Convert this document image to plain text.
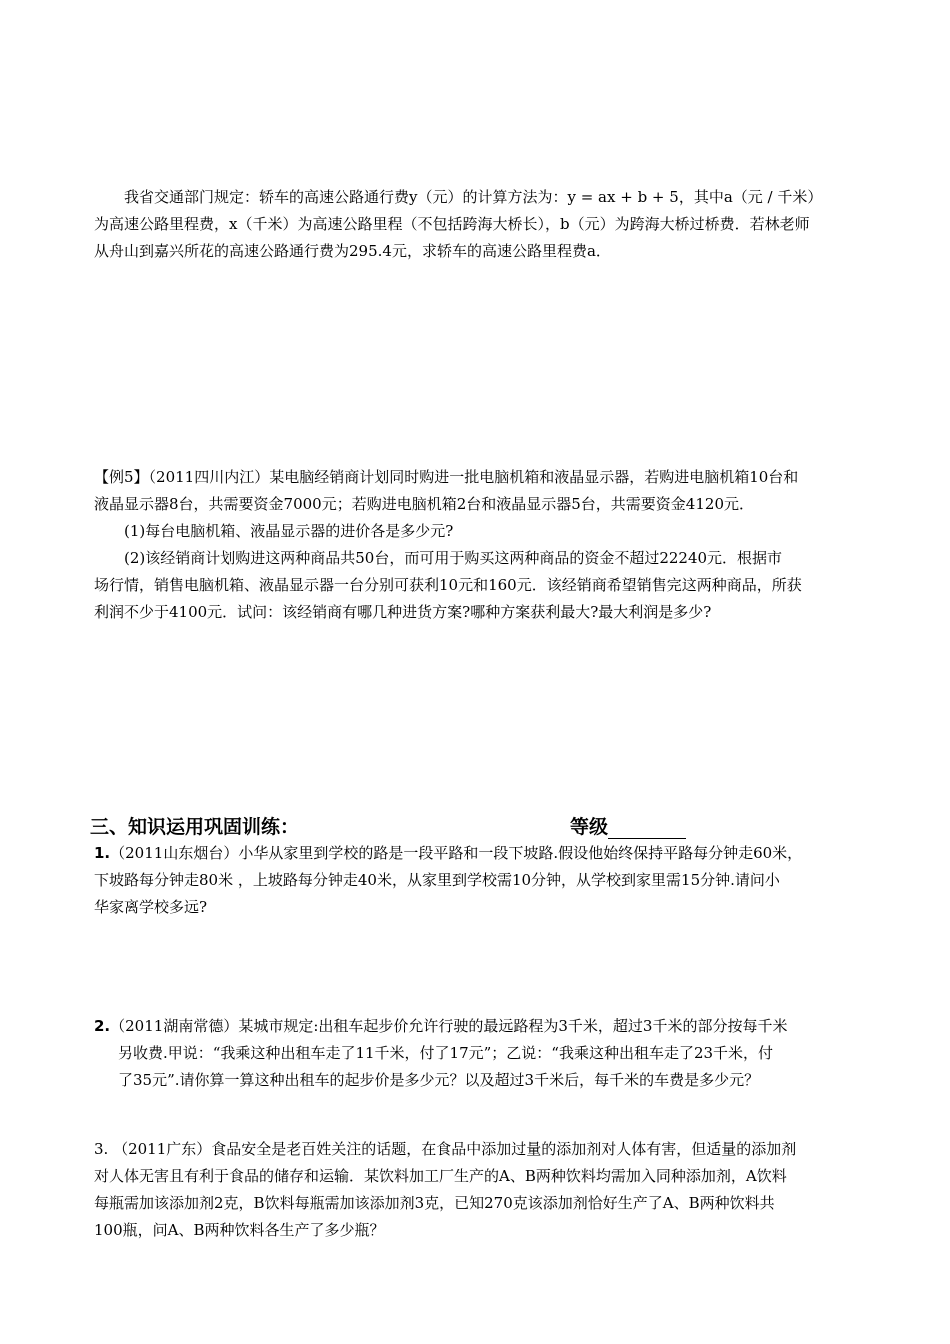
我省交通部门规定：轿车的高速公路通行费y（元）的计算方法为：y = ax + b + 5，其中a（元 / 千米）
为高速公路里程费，x（千米）为高速公路里程（不包括跨海大桥长），b（元）为跨海大桥过桥费．若林老师
从舟山到嘉兴所花的高速公路通行费为295.4元，求轿车的高速公路里程费a．
【例5】（2011四川内江）某电脑经销商计划同时购进一批电脑机箱和液晶显示器，若购进电脑机箱10台和
液晶显示器8台，共需要资金7000元；若购进电脑机箱2台和液晶显示器5台，共需要资金4120元．
(1)每台电脑机箱、液晶显示器的进价各是多少元?
(2)该经销商计划购进这两种商品共50台，而可用于购买这两种商品的资金不超过22240元．根据市
场行情，销售电脑机箱、液晶显示器一台分别可获利10元和160元．该经销商希望销售完这两种商品，所获
利润不少于4100元．试问：该经销商有哪几种进货方案?哪种方案获利最大?最大利润是多少?
三、知识运用巩固训练：	等级
1.（2011山东烟台）小华从家里到学校的路是一段平路和一段下坡路.假设他始终保持平路每分钟走60米，
下坡路每分钟走80米 ，上坡路每分钟走40米，从家里到学校需10分钟，从学校到家里需15分钟.请问小
华家离学校多远?
2.（2011湖南常德）某城市规定:出租车起步价允许行驶的最远路程为3千米，超过3千米的部分按每千米
另收费.甲说：“我乘这种出租车走了11千米，付了17元”；乙说：“我乘这种出租车走了23千米，付
了35元”.请你算一算这种出租车的起步价是多少元？以及超过3千米后，每千米的车费是多少元？
3. （2011广东）食品安全是老百姓关注的话题，在食品中添加过量的添加剂对人体有害，但适量的添加剂
对人体无害且有利于食品的储存和运输．某饮料加工厂生产的A、B两种饮料均需加入同种添加剂，A饮料
每瓶需加该添加剂2克，B饮料每瓶需加该添加剂3克，已知270克该添加剂恰好生产了A、B两种饮料共
100瓶，问A、B两种饮料各生产了多少瓶？
